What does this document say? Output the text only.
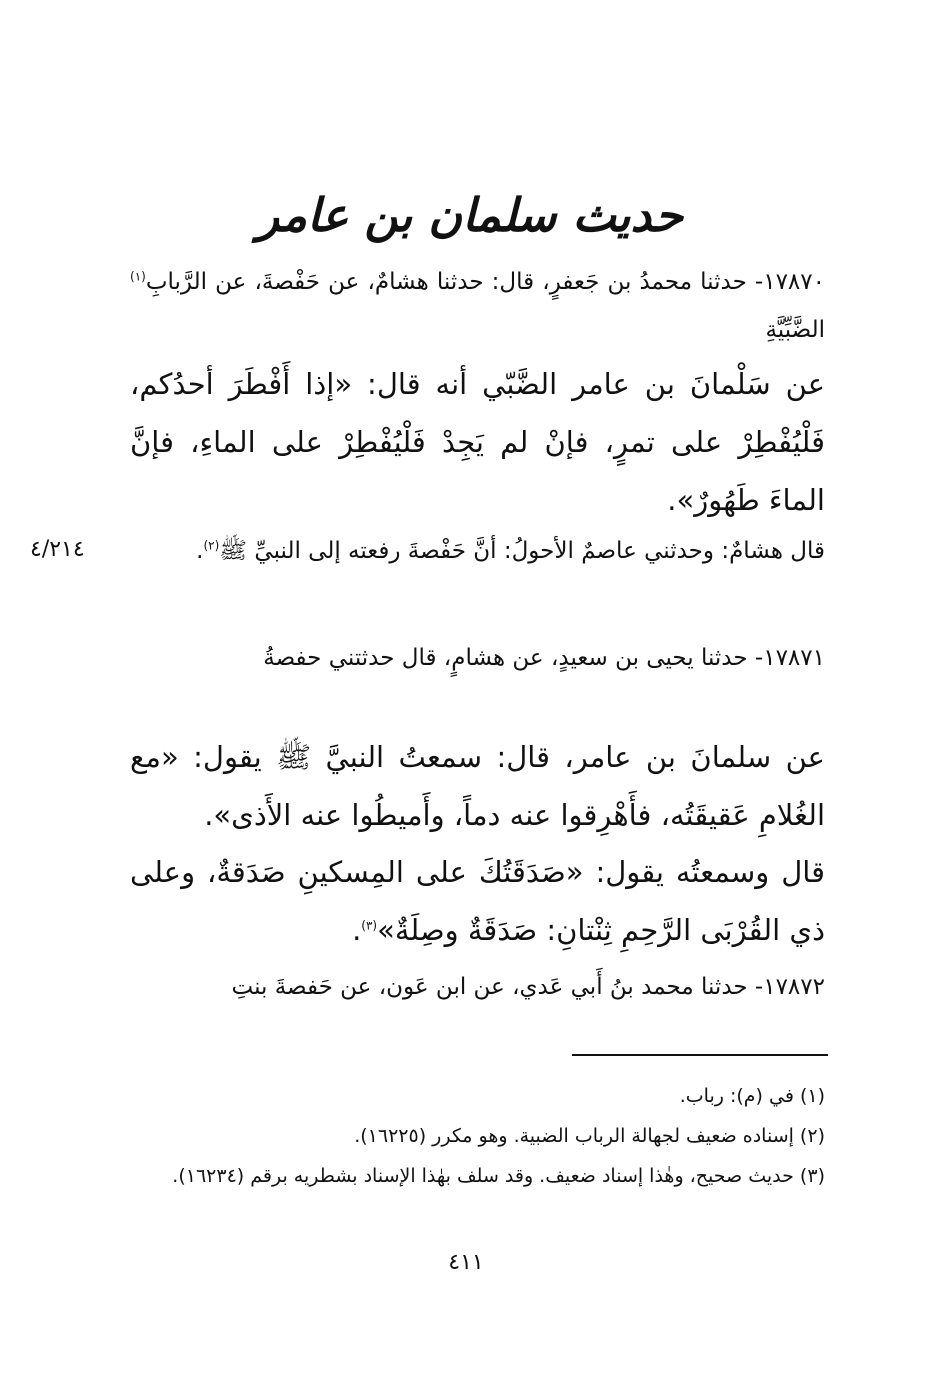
حديث سلمان بن عامر
١٧٨٧٠- حدثنا محمدُ بن جَعفرٍ، قال: حدثنا هشامٌ، عن حَفْصةَ، عن الرَّبابِ$^{(١)}$ الضَّبِّيَّةِ
عن سَلْمانَ بن عامر الضَّبّي أنه قال: «إذا أَفْطَرَ أحدُكم، فَلْيُفْطِرْ على تمرٍ، فإنْ لم يَجِدْ فَلْيُفْطِرْ على الماءِ، فإنَّ الماءَ طَهُورٌ».
قال هشامٌ: وحدثني عاصمٌ الأحولُ: أنَّ حَفْصةَ رفعته إلى النبيِّ ﷺ$^{(٢)}$.
٤/٢١٤
١٧٨٧١- حدثنا يحيى بن سعيدٍ، عن هشامٍ، قال حدثتني حفصةُ
عن سلمانَ بن عامر، قال: سمعتُ النبيَّ ﷺ يقول: «مع الغُلامِ عَقيقَتُه، فأَهْرِقوا عنه دماً، وأَميطُوا عنه الأَذى».
قال وسمعتُه يقول: «صَدَقَتُكَ على المِسكينِ صَدَقةٌ، وعلى ذي القُرْبَى الرَّحِمِ ثِنْتانِ: صَدَقَةٌ وصِلَةٌ»$^{(٣)}$.
١٧٨٧٢- حدثنا محمد بنُ أَبي عَدي، عن ابن عَون، عن حَفصةَ بنتِ
(١) في (م): رباب.
(٢) إسناده ضعيف لجهالة الرباب الضبية. وهو مكرر (١٦٢٢٥).
(٣) حديث صحيح، وهٰذا إسناد ضعيف. وقد سلف بهٰذا الإسناد بشطريه برقم (١٦٢٣٤).
٤١١
